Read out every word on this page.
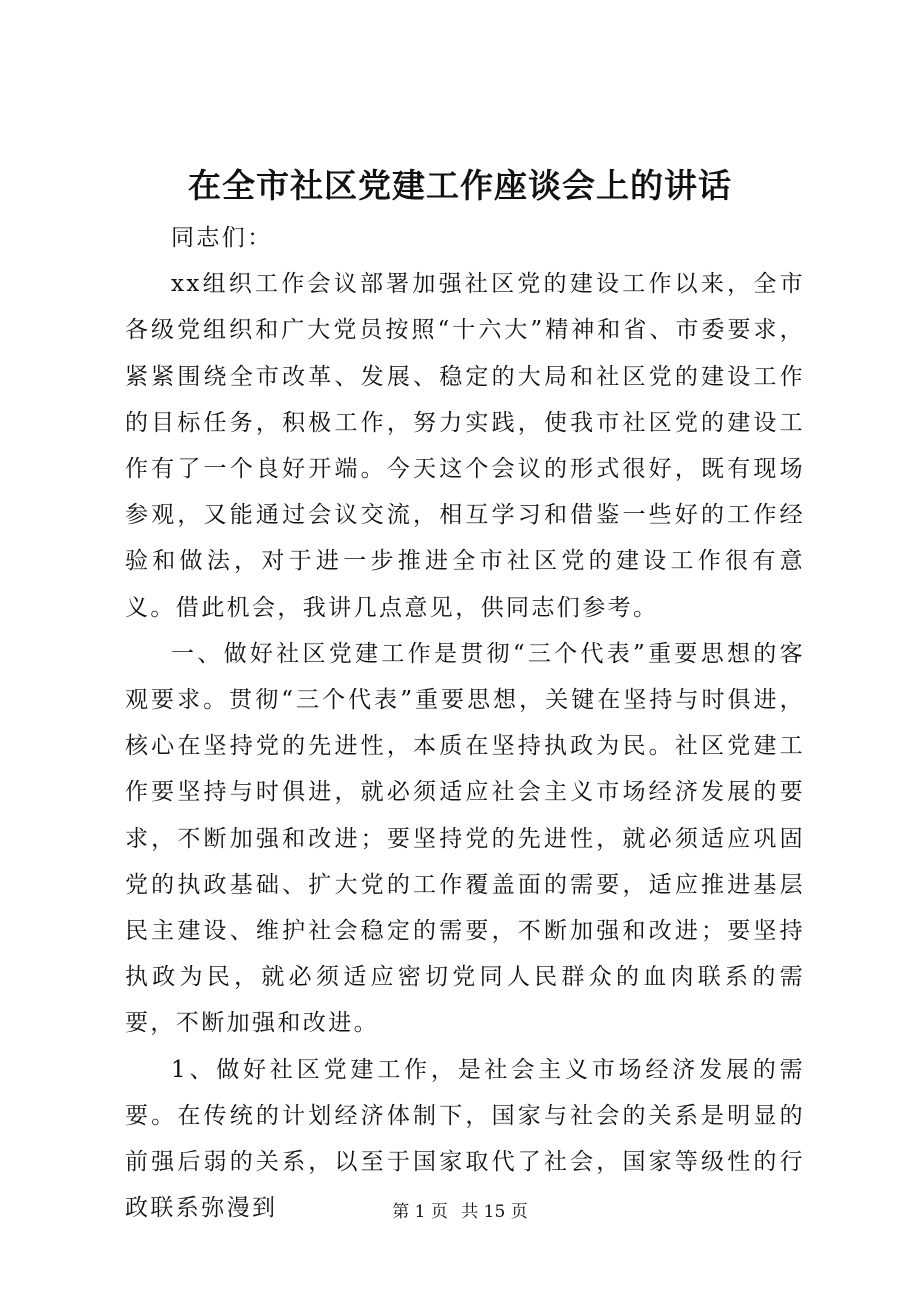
在全市社区党建工作座谈会上的讲话

同志们：

xx组织工作会议部署加强社区党的建设工作以来，全市各级党组织和广大党员按照“十六大”精神和省、市委要求，紧紧围绕全市改革、发展、稳定的大局和社区党的建设工作的目标任务，积极工作，努力实践，使我市社区党的建设工作有了一个良好开端。今天这个会议的形式很好，既有现场参观，又能通过会议交流，相互学习和借鉴一些好的工作经验和做法，对于进一步推进全市社区党的建设工作很有意义。借此机会，我讲几点意见，供同志们参考。

一、做好社区党建工作是贯彻“三个代表”重要思想的客观要求。贯彻“三个代表”重要思想，关键在坚持与时俱进，核心在坚持党的先进性，本质在坚持执政为民。社区党建工作要坚持与时俱进，就必须适应社会主义市场经济发展的要求，不断加强和改进；要坚持党的先进性，就必须适应巩固党的执政基础、扩大党的工作覆盖面的需要，适应推进基层民主建设、维护社会稳定的需要，不断加强和改进；要坚持执政为民，就必须适应密切党同人民群众的血肉联系的需要，不断加强和改进。

1、做好社区党建工作，是社会主义市场经济发展的需要。在传统的计划经济体制下，国家与社会的关系是明显的前强后弱的关系，以至于国家取代了社会，国家等级性的行政联系弥漫到	第 1 页 共 15 页
